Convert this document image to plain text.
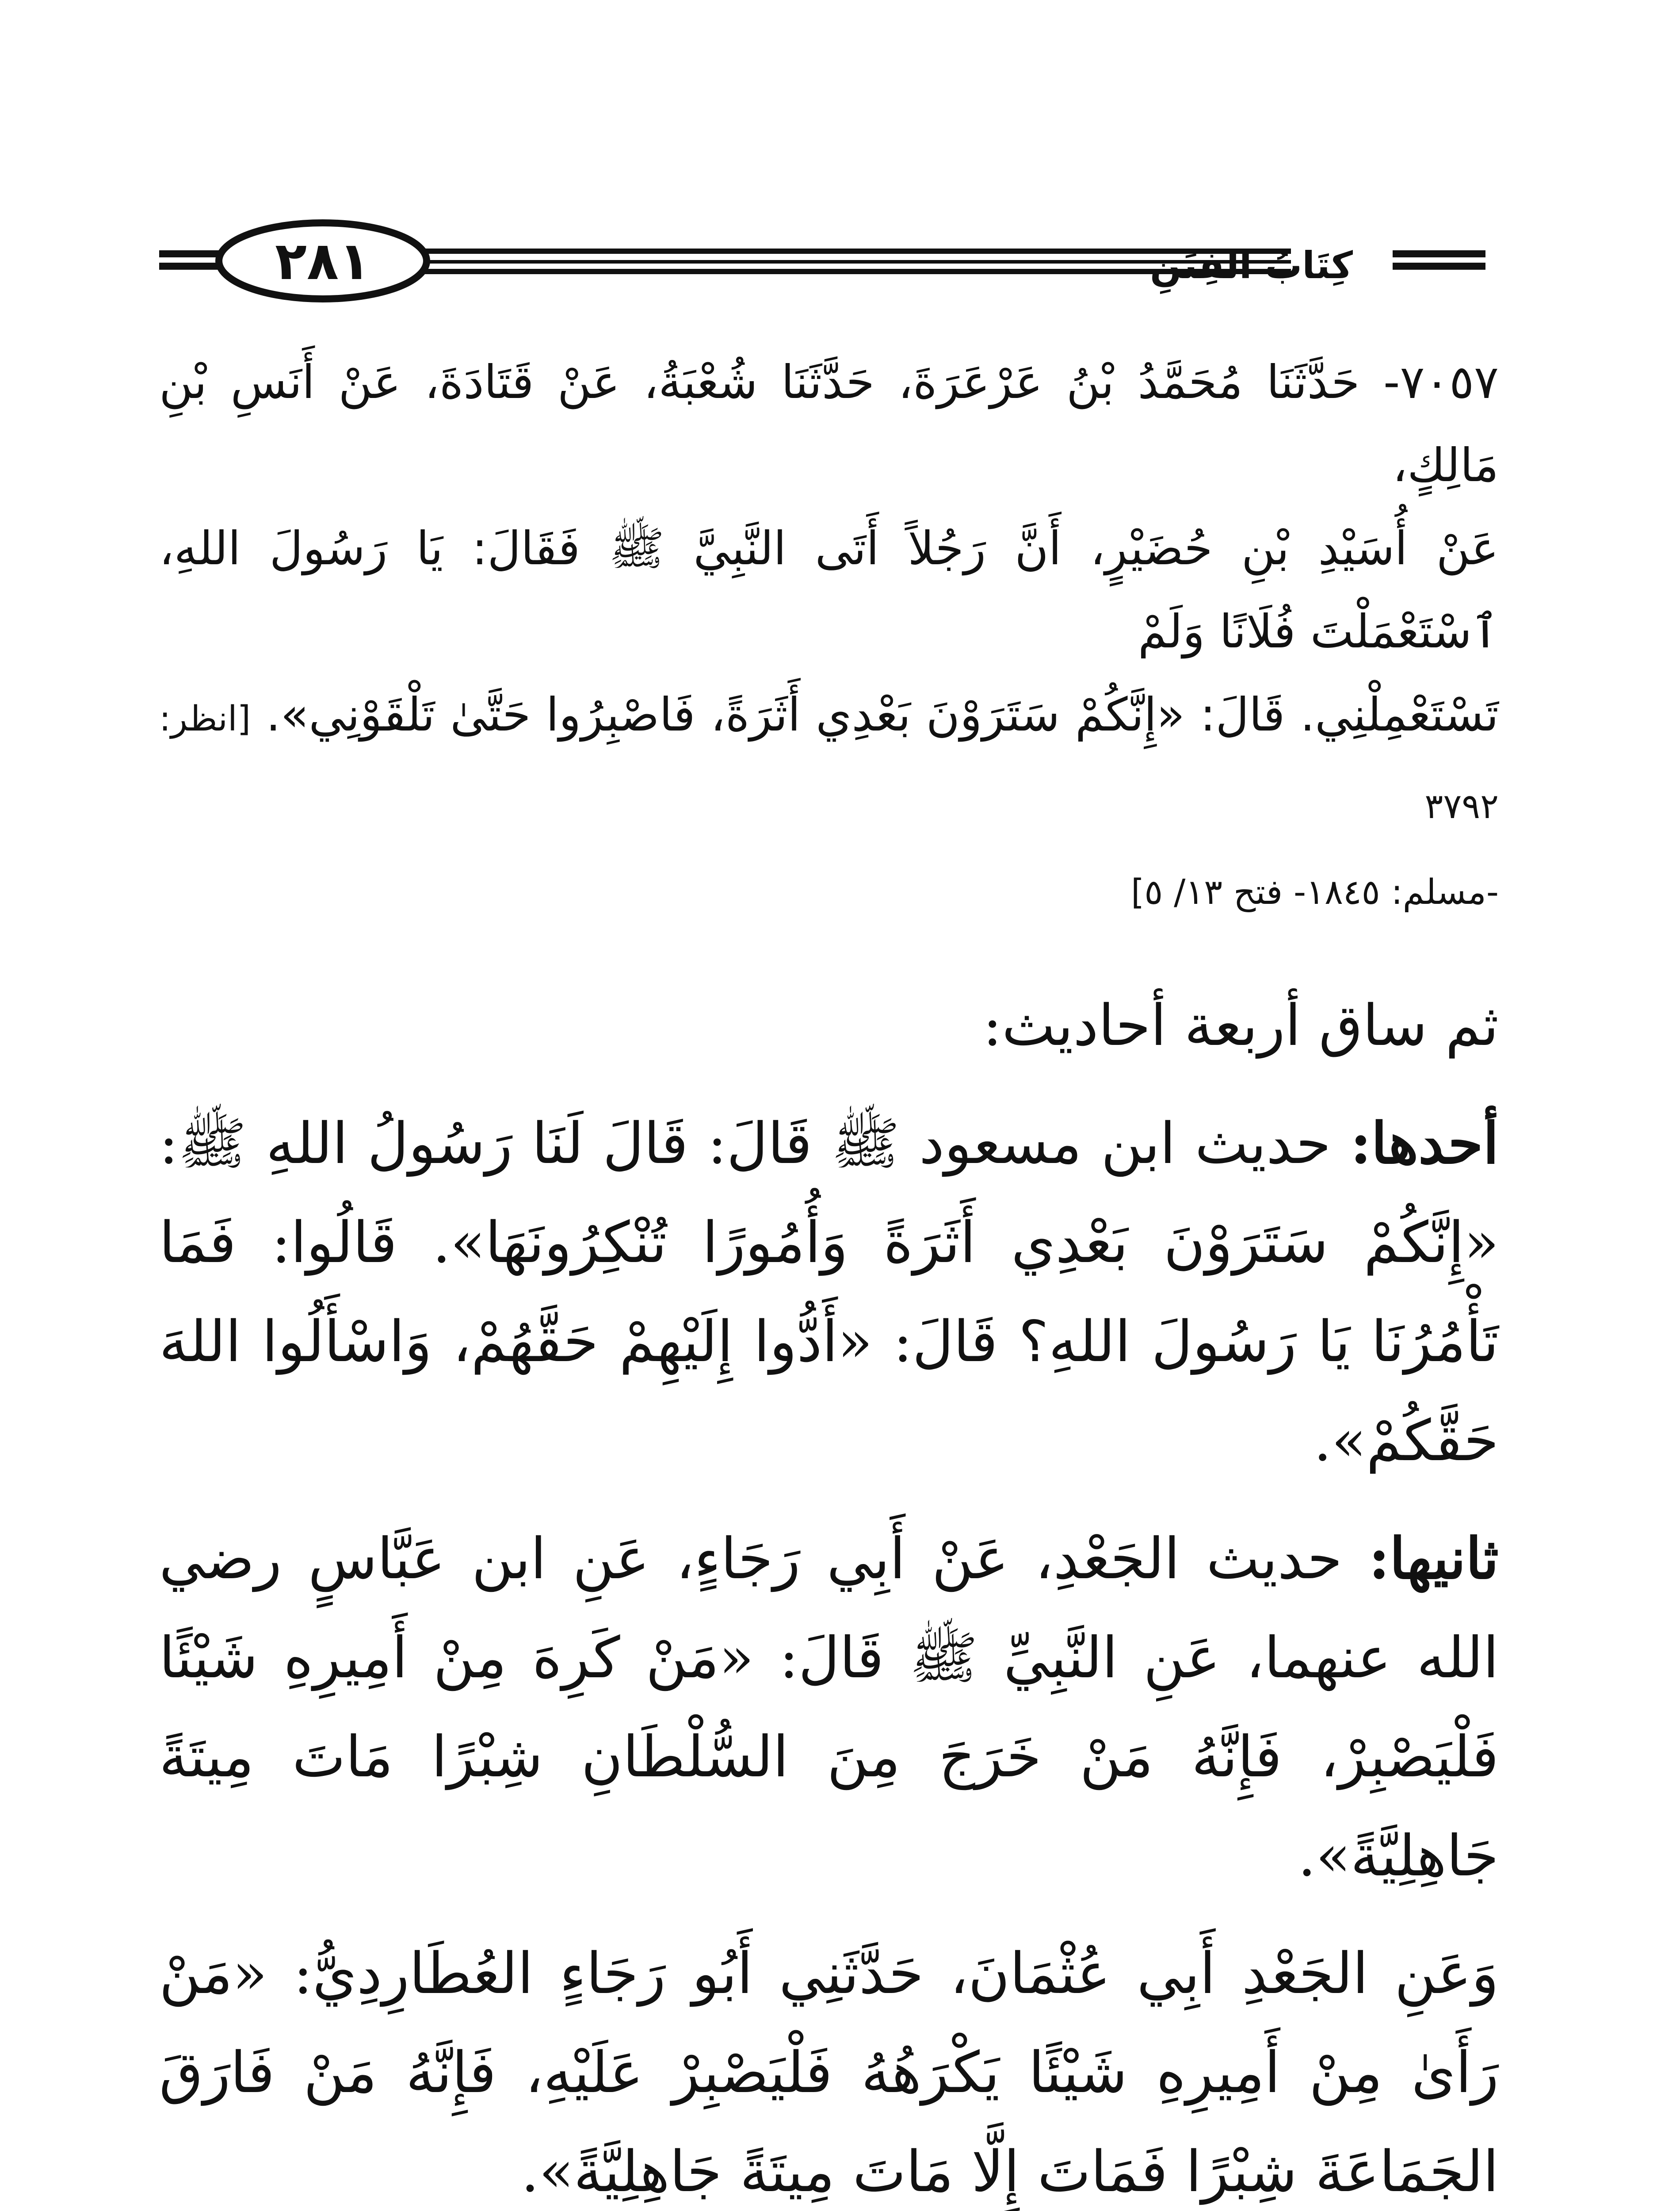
٢٨١	كِتَابُ الفِتَنِ
٧٠٥٧- حَدَّثَنَا مُحَمَّدُ بْنُ عَرْعَرَةَ، حَدَّثَنَا شُعْبَةُ، عَنْ قَتَادَةَ، عَنْ أَنَسِ بْنِ مَالِكٍ،
عَنْ أُسَيْدِ بْنِ حُضَيْرٍ، أَنَّ رَجُلاً أَتَى النَّبِيَّ ﷺ فَقَالَ: يَا رَسُولَ اللهِ، ٱسْتَعْمَلْتَ فُلَانًا وَلَمْ
تَسْتَعْمِلْنِي. قَالَ: «إِنَّكُمْ سَتَرَوْنَ بَعْدِي أَثَرَةً، فَاصْبِرُوا حَتَّىٰ تَلْقَوْنِي». [انظر: ٣٧٩٢

-مسلم: ١٨٤٥- فتح ١٣/ ٥]

ثم ساق أربعة أحاديث:

أحدها: حديث ابن مسعود ﷺ قَالَ: قَالَ لَنَا رَسُولُ اللهِ ﷺ: «إِنَّكُمْ سَتَرَوْنَ بَعْدِي أَثَرَةً وَأُمُورًا تُنْكِرُونَهَا». قَالُوا: فَمَا تَأْمُرُنَا يَا رَسُولَ اللهِ؟ قَالَ: «أَدُّوا إِلَيْهِمْ حَقَّهُمْ، وَاسْأَلُوا اللهَ حَقَّكُمْ».

ثانيها: حديث الجَعْدِ، عَنْ أَبِي رَجَاءٍ، عَنِ ابن عَبَّاسٍ رضي الله عنهما، عَنِ النَّبِيِّ ﷺ قَالَ: «مَنْ كَرِهَ مِنْ أَمِيرِهِ شَيْئًا فَلْيَصْبِرْ، فَإِنَّهُ مَنْ خَرَجَ مِنَ السُّلْطَانِ شِبْرًا مَاتَ مِيتَةً جَاهِلِيَّةً».

وَعَنِ الجَعْدِ أَبِي عُثْمَانَ، حَدَّثَنِي أَبُو رَجَاءٍ العُطَارِدِيُّ: «مَنْ رَأَىٰ مِنْ أَمِيرِهِ شَيْئًا يَكْرَهُهُ فَلْيَصْبِرْ عَلَيْهِ، فَإِنَّهُ مَنْ فَارَقَ الجَمَاعَةَ شِبْرًا فَمَاتَ إِلَّا مَاتَ مِيتَةً جَاهِلِيَّةً».
